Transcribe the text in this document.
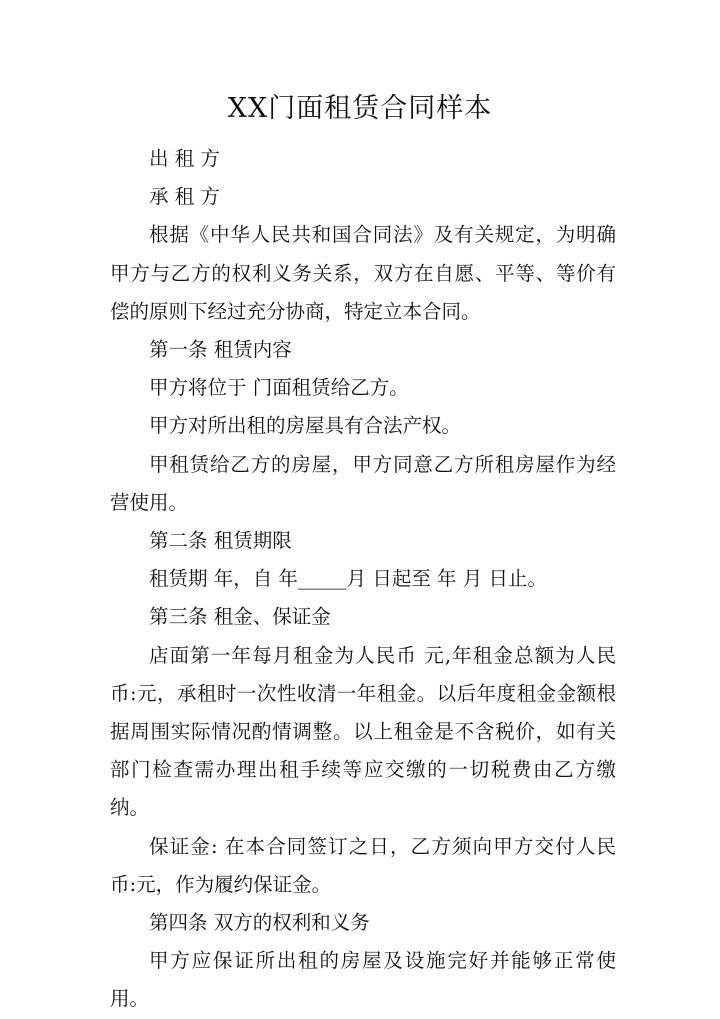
XX门面租赁合同样本

出 租 方

承 租 方

根据《中华人民共和国合同法》及有关规定，为明确甲方与乙方的权利义务关系，双方在自愿、平等、等价有偿的原则下经过充分协商，特定立本合同。

第一条 租赁内容

甲方将位于 门面租赁给乙方。

甲方对所出租的房屋具有合法产权。

甲租赁给乙方的房屋，甲方同意乙方所租房屋作为经营使用。

第二条 租赁期限

租赁期 年，自 年_____月 日起至 年 月 日止。

第三条 租金、保证金

店面第一年每月租金为人民币 元,年租金总额为人民币:元，承租时一次性收清一年租金。以后年度租金金额根据周围实际情况酌情调整。以上租金是不含税价，如有关部门检查需办理出租手续等应交缴的一切税费由乙方缴纳。

保证金: 在本合同签订之日，乙方须向甲方交付人民币:元，作为履约保证金。

第四条 双方的权利和义务

甲方应保证所出租的房屋及设施完好并能够正常使用。
